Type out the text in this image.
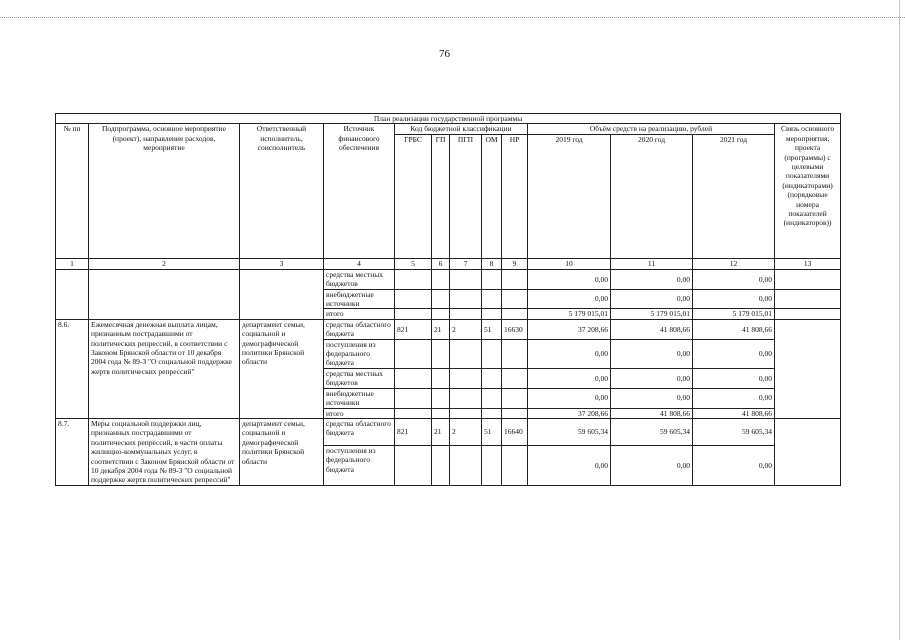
76
План реализации государственной программы												
№ пп	Подпрограмма, основное мероприятие (проект), направление расходов, мероприятие	Ответственный исполнитель, соисполнитель	Источник финансового обеспечения	Код бюджетной классификации					Объём средств на реализацию, рублей			Связь основного мероприятия, проекта (программы) с целевыми показателями (индикаторами) (порядковые номера показателей (индикаторов))
				ГРБС	ГП	ПГП	ОМ	НР	2019 год	2020 год	2021 год	
1	2	3	4	5	6	7	8	9	10	11	12	13
			средства местных бюджетов						0,00	0,00	0,00	
			внебюджетные источники						0,00	0,00	0,00	
			итого						5 179 015,01	5 179 015,01	5 179 015,01	
8.6.	Ежемесячная денежная выплата лицам, признанным пострадавшими от политических репрессий, в соответствии с Законом Брянской области от 10 декабря 2004 года № 89-З "О социальной поддержке жертв политических репрессий"	департамент семьи, социальной и демографической политики Брянской области	средства областного бюджета	821	21	2	51	16630	37 208,66	41 808,66	41 808,66	
			поступления из федерального бюджета						0,00	0,00	0,00	
			средства местных бюджетов						0,00	0,00	0,00	
			внебюджетные источники						0,00	0,00	0,00	
			итого						37 208,66	41 808,66	41 808,66	
8.7.	Меры социальной поддержки лиц, признанных пострадавшими от политических репрессий, в части оплаты жилищно-коммунальных услуг, в соответствии с Законом Брянской области от 10 декабря 2004 года № 89-З "О социальной поддержке жертв политических репрессий"	департамент семьи, социальной и демографической политики Брянской области	средства областного бюджета	821	21	2	51	16640	59 605,34	59 605,34	59 605,34	
			поступления из федерального бюджета						0,00	0,00	0,00	
